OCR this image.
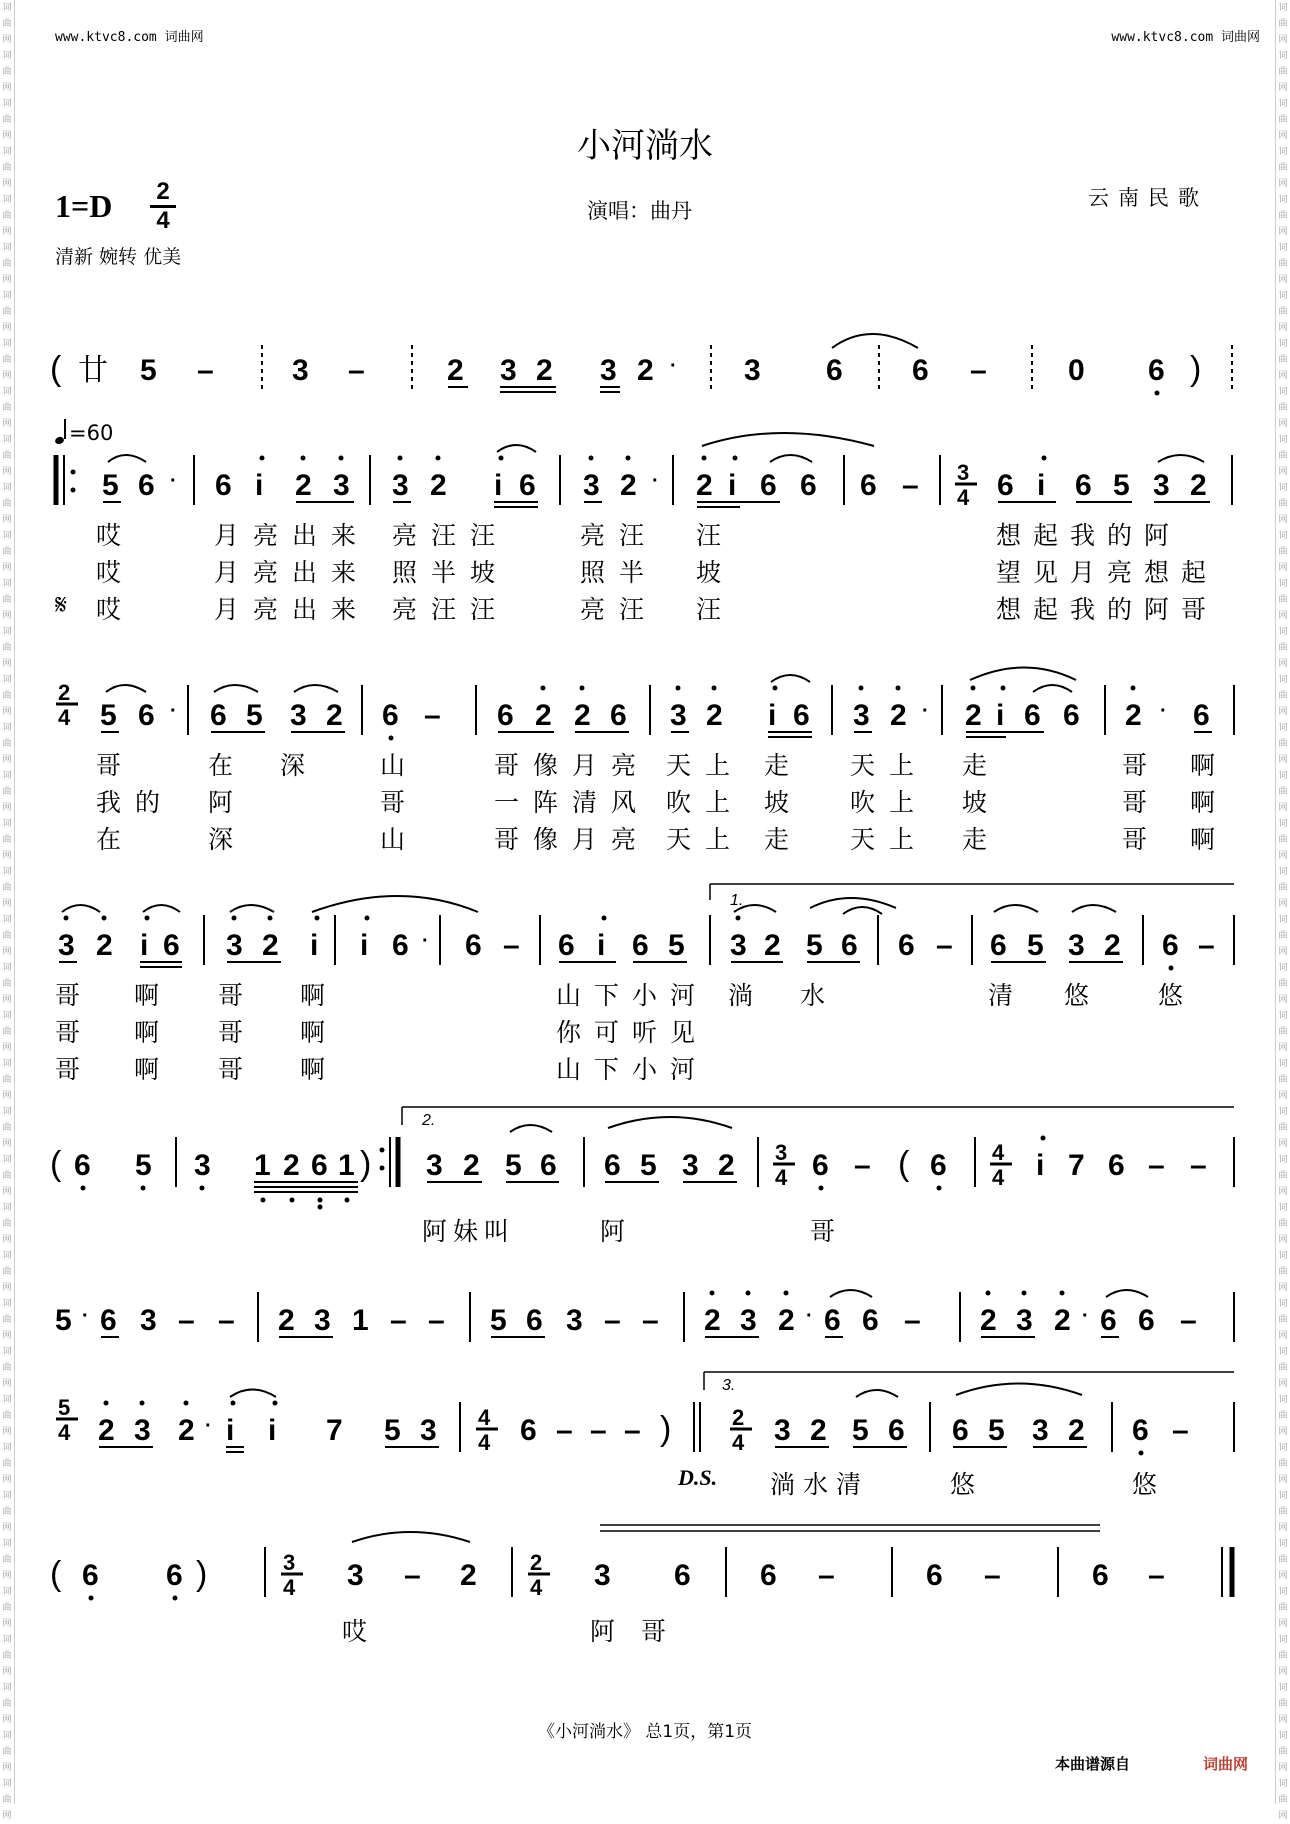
词曲网词曲网词曲网词曲网词曲网词曲网词曲网词曲网词曲网词曲网词曲网词曲网词曲网词曲网词曲网词曲网词曲网词曲网词曲网词曲网词曲网词曲网词曲网词曲网词曲网词曲网词曲网词曲网词曲网词曲网词曲网词曲网词曲网词曲网词曲网词曲网词曲网词曲网
词曲网词曲网词曲网词曲网词曲网词曲网词曲网词曲网词曲网词曲网词曲网词曲网词曲网词曲网词曲网词曲网词曲网词曲网词曲网词曲网词曲网词曲网词曲网词曲网词曲网词曲网词曲网词曲网词曲网词曲网词曲网词曲网词曲网词曲网词曲网词曲网词曲网词曲网
www.ktvc8.com 词曲网	www.ktvc8.com 词曲网
小河淌水
1=D 2
4
清新 婉转 优美
演唱：曲丹
云南民歌
=60
( 廿 5 –	3 –	2 3 2 3 2 · 3 6 6 –	0 6 )
5 6 · 6 i 2 3 3 2 i 6 3 2 · 2 i 6 6 6 – 3
4 6 i 6 5 3 2
2
4 5 6 · 6 5 3 2 6 – 6 2 2 6 3 2 i 6 3 2 · 2 i 6 6 2 · 6
3 2 i 6 3 2 i i 6 · 6 – 6 i 6 5
1.
3 2 5 6 6 – 6 5 3 2 6 –
( 6 5 3 1 2 6 1 )
2.
3 2 5 6 6 5 3 2 3
4 6 – ( 6 4
4 i 7 6 – –
5 · 6 3 – – 2 3 1 – – 5 6 3 – – 2 3 2 · 6 6 – 2 3 2 · 6 6 –
5
4 2 3 2 · i i 7 5 3 4
4 6 – – – )
3.
2
4 3 2 5 6 6 5 3 2 6 –
( 6 6 )	3
4 3 – 2 2
4 3 6 6 –	6 –	6 –
哎	月亮出来 亮汪汪	亮汪 汪	想起我的阿
哎	月亮出来 照半坡	照半 坡	望见月亮想起
𝄋 哎	月亮出来 亮汪汪	亮汪 汪	想起我的阿哥
哥	在 深	山	哥像月亮 天上 走 天上 走	哥 啊
我的 阿	哥	一阵清风 吹上 坡 吹上 坡	哥 啊
在	深	山	哥像月亮 天上 走 天上 走	哥 啊
哥 啊 哥 啊	山下小河 淌 水	清 悠	悠
哥 啊 哥 啊	你可听见
哥 啊 哥 啊	山下小河
阿妹叫	阿	哥
D.S. 淌水清	悠	悠
哎	阿哥
《小河淌水》 总1页，第1页
本曲谱源自	词曲网
